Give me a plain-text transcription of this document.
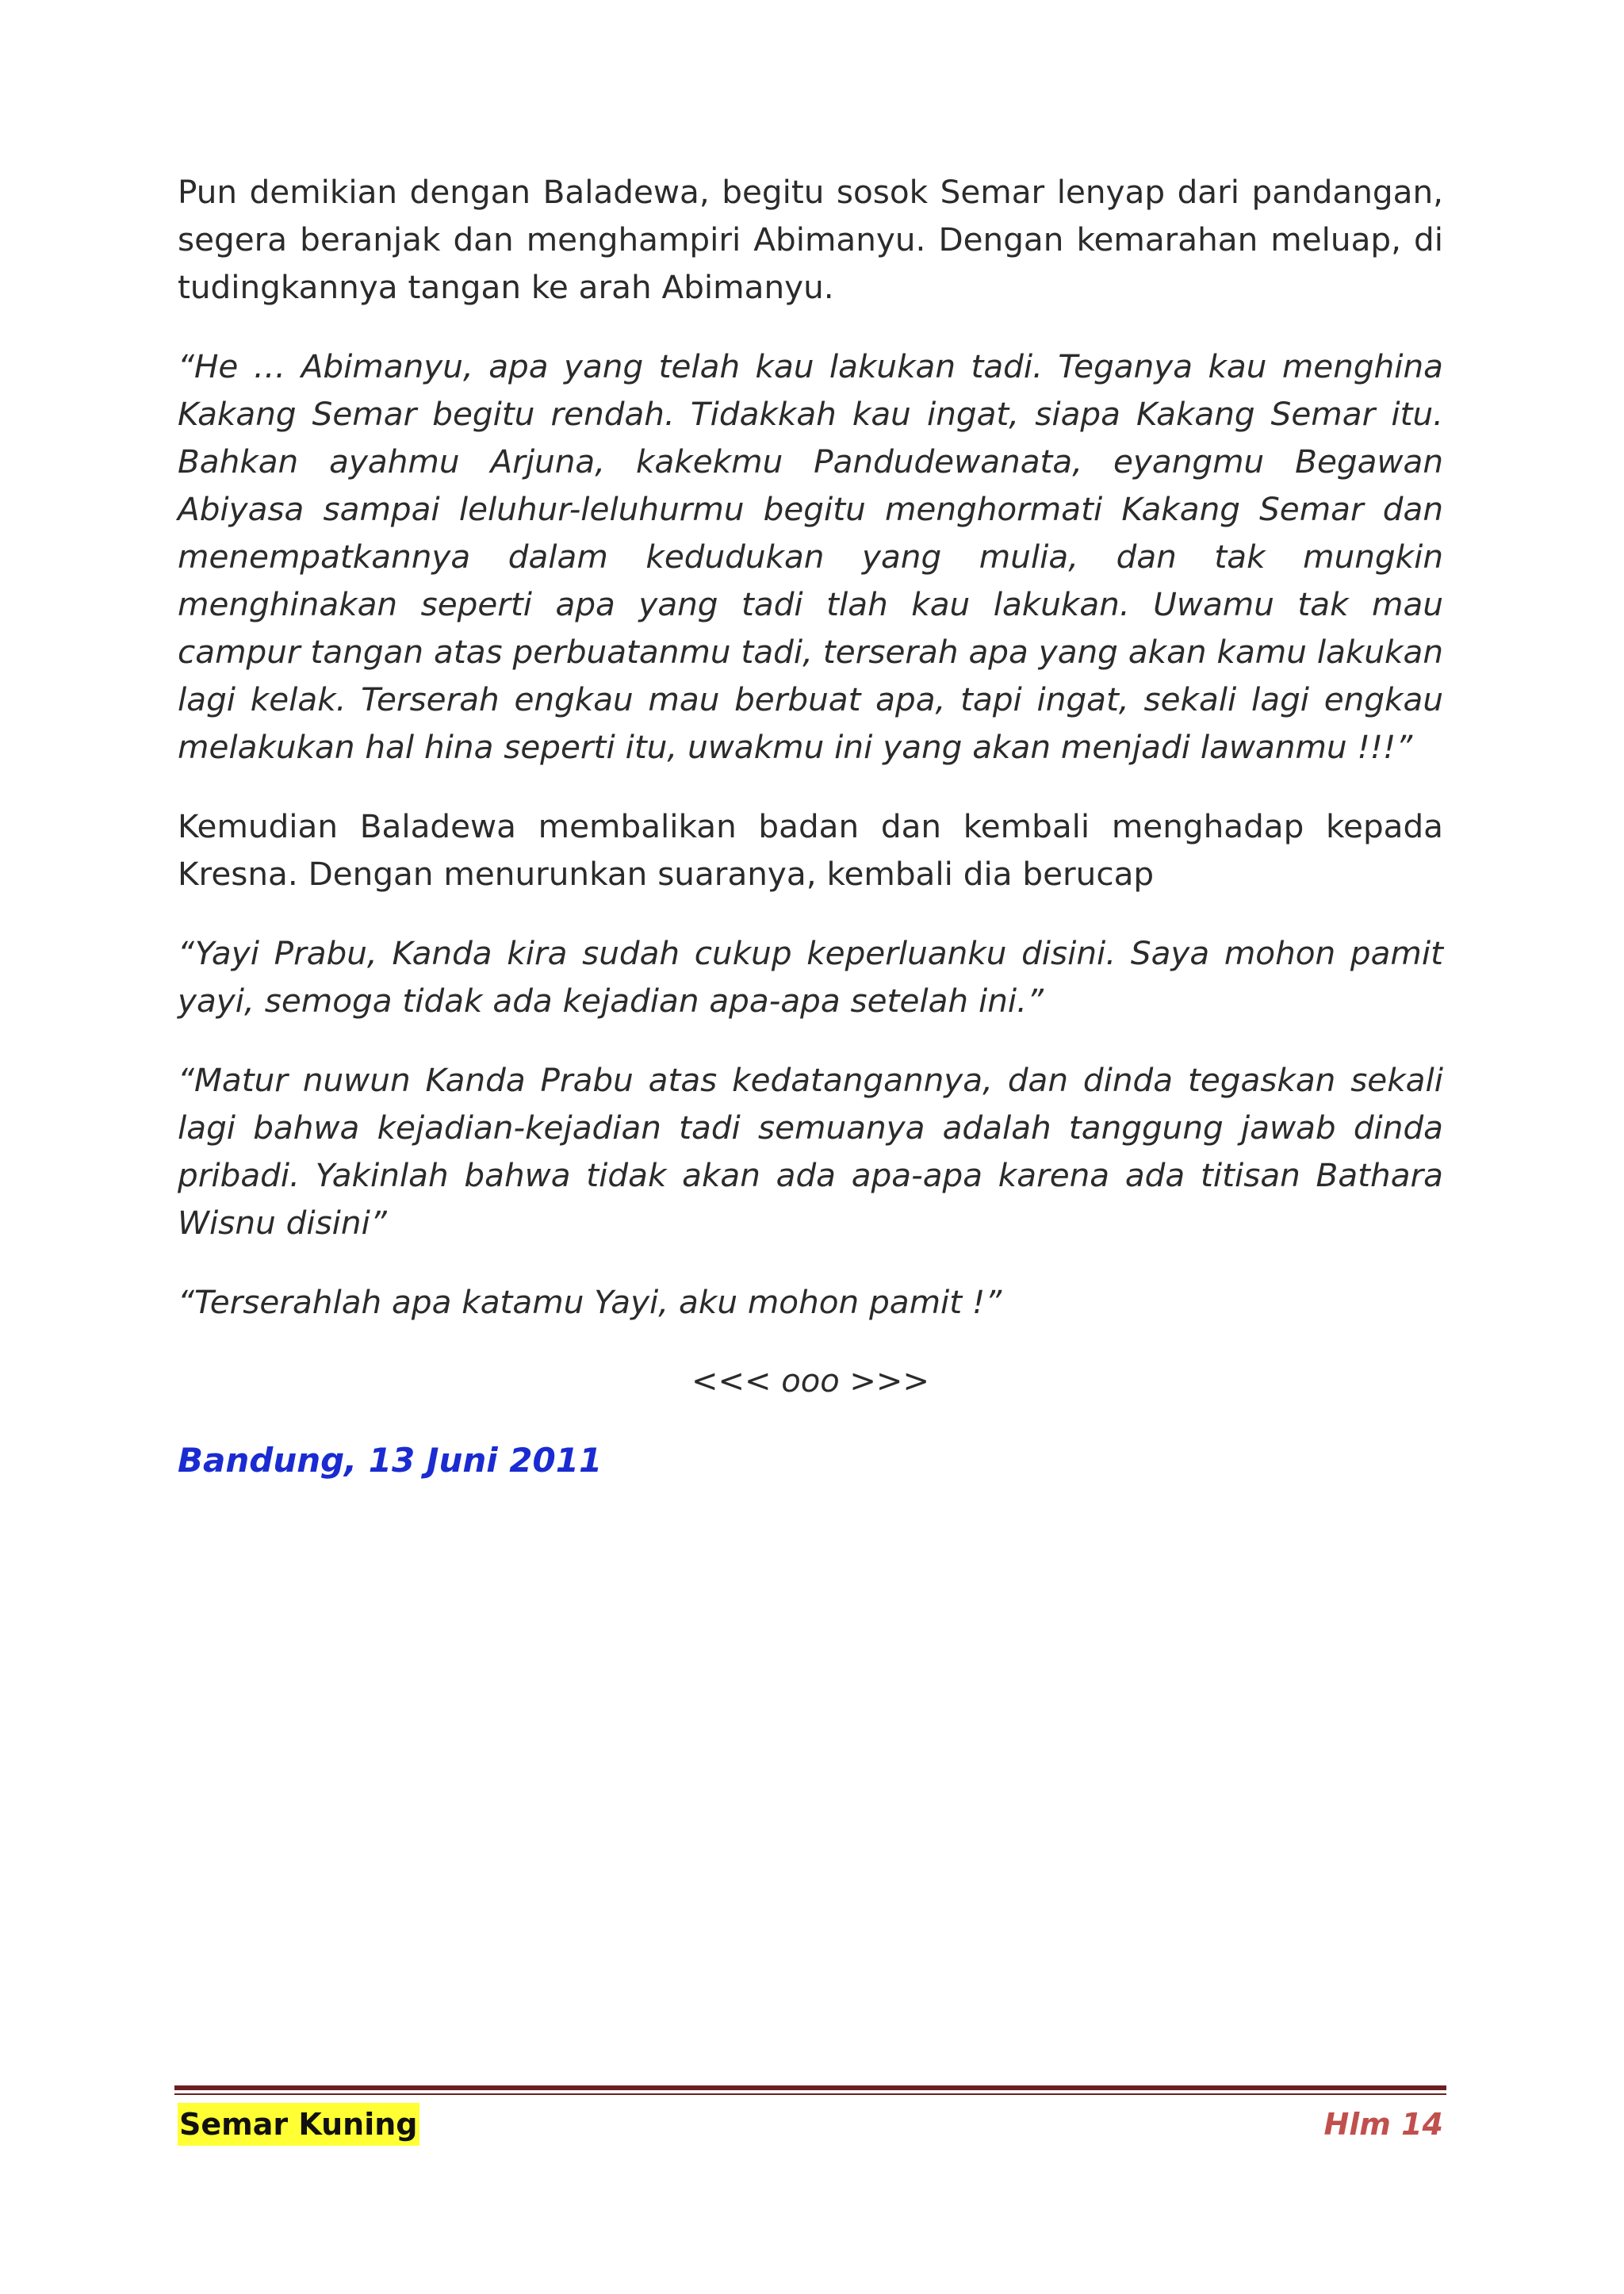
Pun demikian dengan Baladewa, begitu sosok Semar lenyap dari pandangan, segera beranjak dan menghampiri Abimanyu. Dengan kemarahan meluap, di tudingkannya tangan ke arah Abimanyu.

“He … Abimanyu, apa yang telah kau lakukan tadi. Teganya kau menghina Kakang Semar begitu rendah. Tidakkah kau ingat, siapa Kakang Semar itu. Bahkan ayahmu Arjuna, kakekmu Pandudewanata, eyangmu Begawan Abiyasa sampai leluhur-leluhurmu begitu menghormati Kakang Semar dan menempatkannya dalam kedudukan yang mulia, dan tak mungkin menghinakan seperti apa yang tadi tlah kau lakukan. Uwamu tak mau campur tangan atas perbuatanmu tadi, terserah apa yang akan kamu lakukan lagi kelak. Terserah engkau mau berbuat apa, tapi ingat, sekali lagi engkau melakukan hal hina seperti itu, uwakmu ini yang akan menjadi lawanmu !!!”

Kemudian Baladewa membalikan badan dan kembali menghadap kepada Kresna. Dengan menurunkan suaranya, kembali dia berucap

“Yayi Prabu, Kanda kira sudah cukup keperluanku disini. Saya mohon pamit yayi, semoga tidak ada kejadian apa-apa setelah ini.”

“Matur nuwun Kanda Prabu atas kedatangannya, dan dinda tegaskan sekali lagi bahwa kejadian-kejadian tadi semuanya adalah tanggung jawab dinda pribadi. Yakinlah bahwa tidak akan ada apa-apa karena ada titisan Bathara Wisnu disini”

“Terserahlah apa katamu Yayi, aku mohon pamit !”

<<< ooo >>>
Bandung, 13 Juni 2011
Semar Kuning	Hlm 14
